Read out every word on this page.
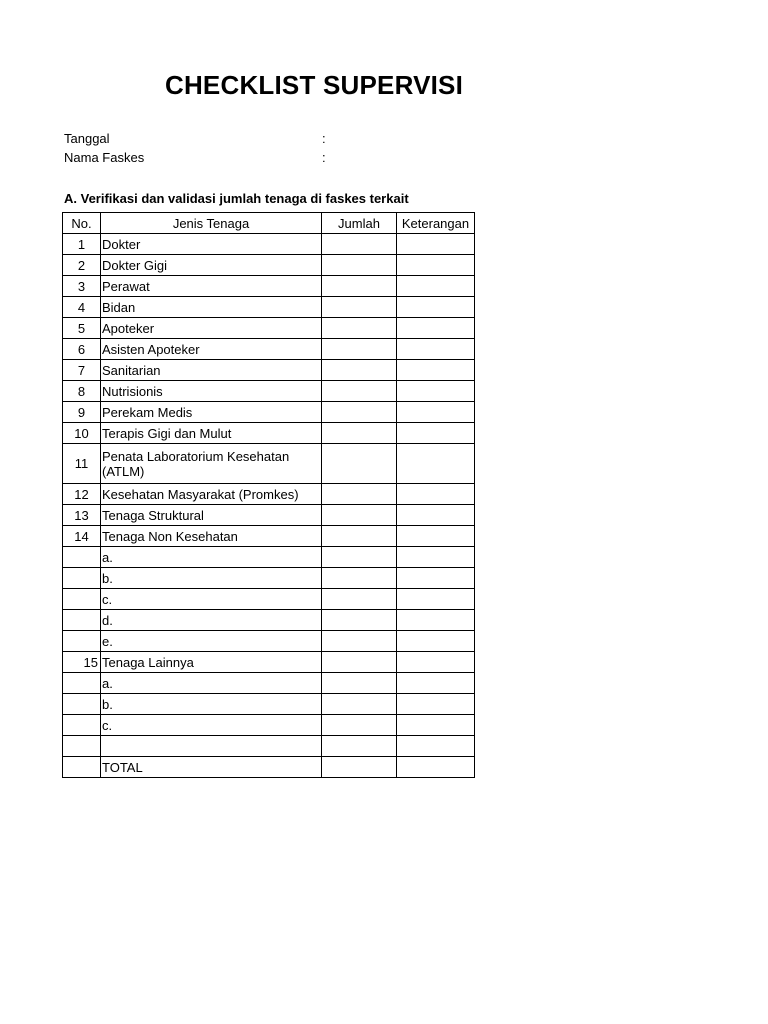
CHECKLIST SUPERVISI
Tanggal	:
Nama Faskes	:
A. Verifikasi dan validasi jumlah tenaga di faskes terkait
No.	Jenis Tenaga	Jumlah	Keterangan
1	Dokter		
2	Dokter Gigi		
3	Perawat		
4	Bidan		
5	Apoteker		
6	Asisten Apoteker		
7	Sanitarian		
8	Nutrisionis		
9	Perekam Medis		
10	Terapis Gigi dan Mulut		
11	Penata Laboratorium Kesehatan (ATLM)		
12	Kesehatan Masyarakat (Promkes)		
13	Tenaga Struktural		
14	Tenaga Non Kesehatan		
	a.		
	b.		
	c.		
	d.		
	e.		
15	Tenaga Lainnya		
	a.		
	b.		
	c.		

	TOTAL		
